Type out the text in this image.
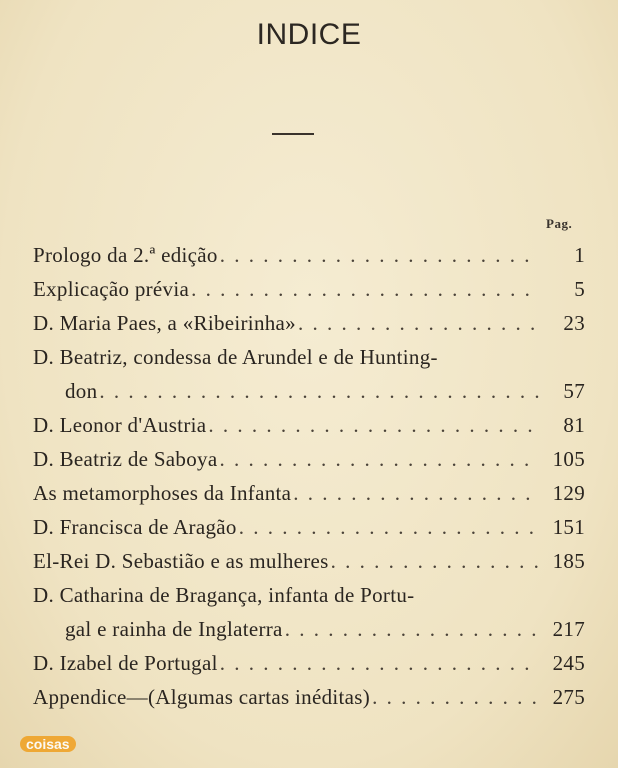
INDICE
Pag.
Prologo da 2.ª edição . . .	1
Explicação prévia . . .	5
D. Maria Paes, a «Ribeirinha» . . .	23
D. Beatriz, condessa de Arundel e de Hunting-
don . . .	57
D. Leonor d'Austria . . .	81
D. Beatriz de Saboya . . .	105
As metamorphoses da Infanta . . .	129
D. Francisca de Aragão . . .	151
El-Rei D. Sebastião e as mulheres . . .	185
D. Catharina de Bragança, infanta de Portu-
gal e rainha de Inglaterra . . .	217
D. Izabel de Portugal . . .	245
Appendice—(Algumas cartas inéditas) . . .	275
coisas
